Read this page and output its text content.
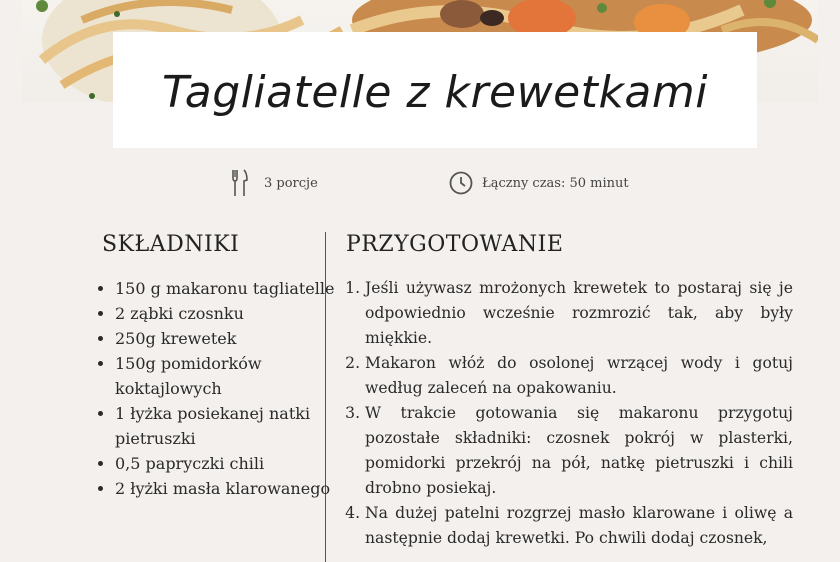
Tagliatelle z krewetkami
3 porcje	Łączny czas: 50 minut
SKŁADNIKI	PRZYGOTOWANIE
• 150 g makaronu tagliatelle
• 2 ząbki czosnku
• 250g krewetek
• 150g pomidorków koktajlowych
• 1 łyżka posiekanej natki pietruszki
• 0,5 papryczki chili
• 2 łyżki masła klarowanego
1. Jeśli używasz mrożonych krewetek to postaraj się je odpowiednio wcześnie rozmrozić tak, aby były miękkie.
2. Makaron włóż do osolonej wrzącej wody i gotuj według zaleceń na opakowaniu.
3. W trakcie gotowania się makaronu przygotuj pozostałe składniki: czosnek pokrój w plasterki, pomidorki przekrój na pół, natkę pietruszki i chili drobno posiekaj.
4. Na dużej patelni rozgrzej masło klarowane i oliwę a następnie dodaj krewetki. Po chwili dodaj czosnek,
